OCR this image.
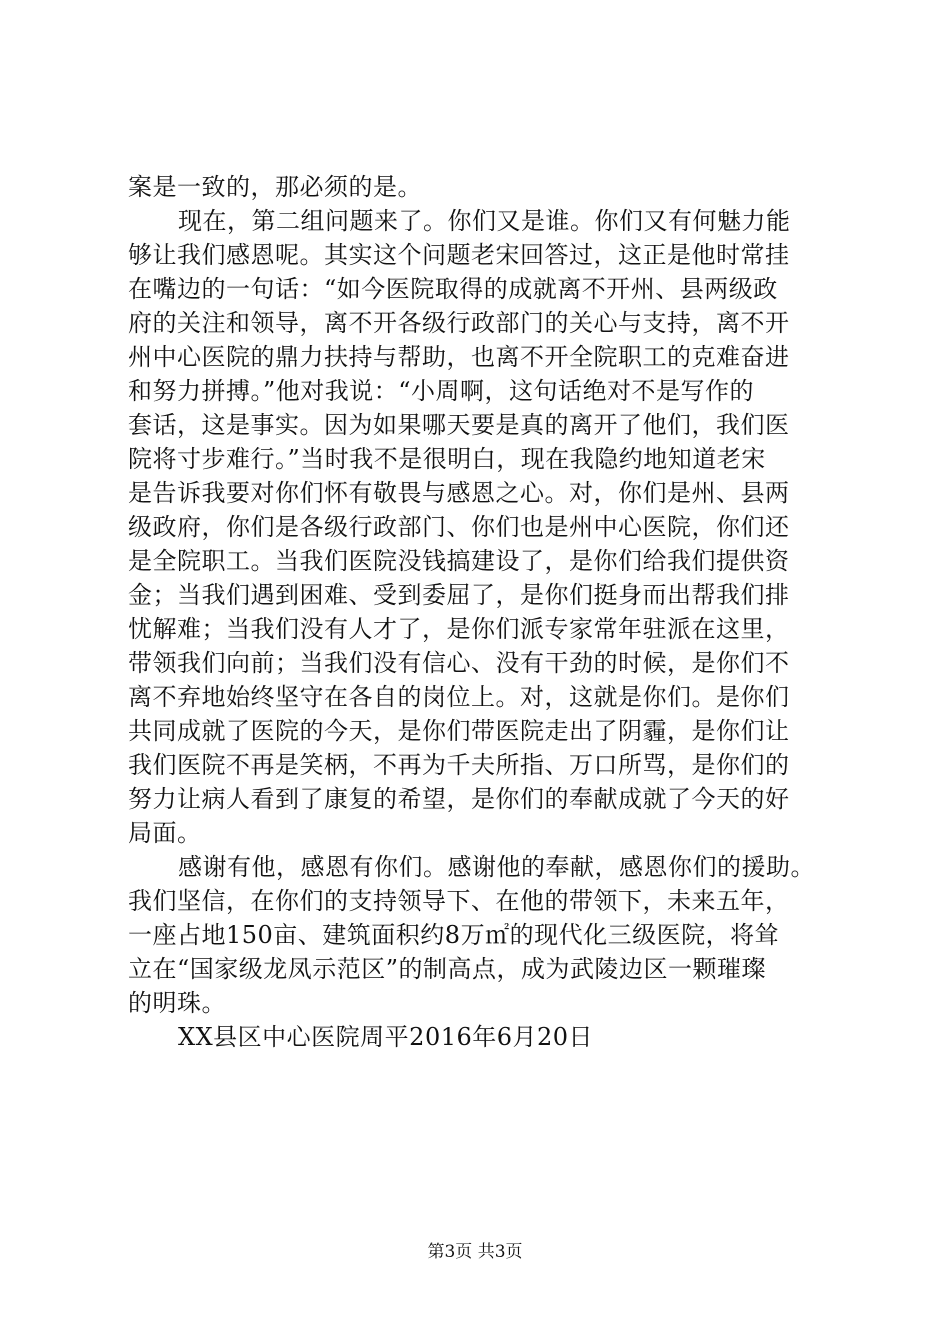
案是一致的，那必须的是。
现在，第二组问题来了。你们又是谁。你们又有何魅力能
够让我们感恩呢。其实这个问题老宋回答过，这正是他时常挂
在嘴边的一句话：“如今医院取得的成就离不开州、县两级政
府的关注和领导，离不开各级行政部门的关心与支持，离不开
州中心医院的鼎力扶持与帮助，也离不开全院职工的克难奋进
和努力拼搏。”他对我说：“小周啊，这句话绝对不是写作的
套话，这是事实。因为如果哪天要是真的离开了他们，我们医
院将寸步难行。”当时我不是很明白，现在我隐约地知道老宋
是告诉我要对你们怀有敬畏与感恩之心。对，你们是州、县两
级政府，你们是各级行政部门、你们也是州中心医院，你们还
是全院职工。当我们医院没钱搞建设了，是你们给我们提供资
金；当我们遇到困难、受到委屈了，是你们挺身而出帮我们排
忧解难；当我们没有人才了，是你们派专家常年驻派在这里，
带领我们向前；当我们没有信心、没有干劲的时候，是你们不
离不弃地始终坚守在各自的岗位上。对，这就是你们。是你们
共同成就了医院的今天，是你们带医院走出了阴霾，是你们让
我们医院不再是笑柄，不再为千夫所指、万口所骂，是你们的
努力让病人看到了康复的希望，是你们的奉献成就了今天的好
局面。
感谢有他，感恩有你们。感谢他的奉献，感恩你们的援助。
我们坚信，在你们的支持领导下、在他的带领下，未来五年，
一座占地150亩、建筑面积约8万㎡的现代化三级医院，将耸
立在“国家级龙凤示范区”的制高点，成为武陵边区一颗璀璨
的明珠。
XX县区中心医院周平2016年6月20日
第3页 共3页
